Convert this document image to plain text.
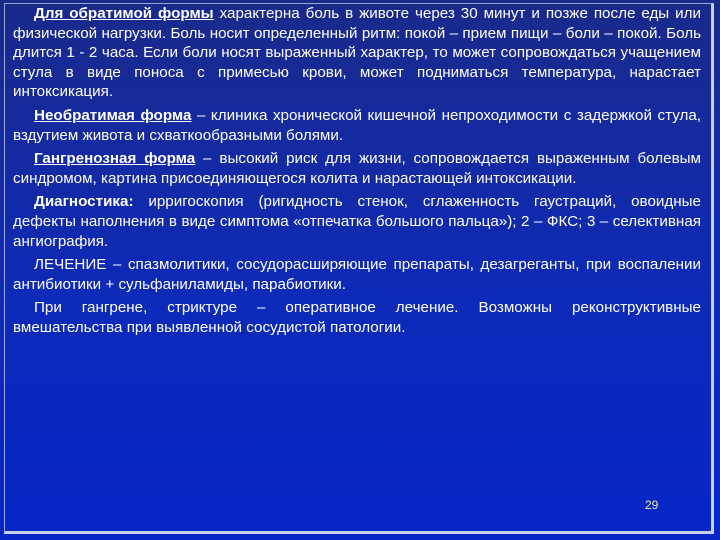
Для обратимой формы характерна боль в животе через 30 минут и позже после еды или физической нагрузки. Боль носит определенный ритм: покой – прием пищи – боли – покой. Боль длится 1 - 2 часа. Если боли носят выраженный характер, то может сопровождаться учащением стула в виде поноса с примесью крови, может подниматься температура, нарастает интоксикация.

Необратимая форма – клиника хронической кишечной непроходимости с задержкой стула, вздутием живота и схваткообразными болями.

Гангренозная форма – высокий риск для жизни, сопровождается выраженным болевым синдромом, картина присоединяющегося колита и нарастающей интоксикации.

Диагностика: ирригоскопия (ригидность стенок, сглаженность гаустраций, овоидные дефекты наполнения в виде симптома «отпечатка большого пальца»); 2 – ФКС; 3 – селективная ангиография.

ЛЕЧЕНИЕ – спазмолитики, сосудорасширяющие препараты, дезагреганты, при воспалении антибиотики + сульфаниламиды, парабиотики.

При гангрене, стриктуре – оперативное лечение. Возможны реконструктивные вмешательства при выявленной сосудистой патологии.

29
